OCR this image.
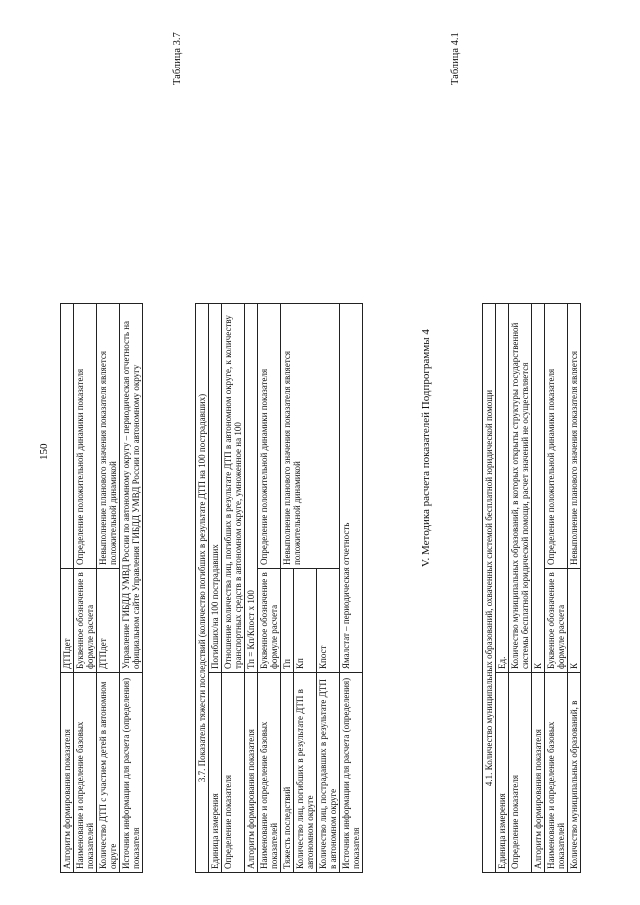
150
Алгоритм формирования показателя	ДТПдет	
Наименование и определение базовых показателей	Буквенное обозначение в формуле расчета	Определение положительной динамики показателя
Количество ДТП с участием детей в автономном округе	ДТПдет	Невыполнение планового значения показателя является положительной динамикой
Источник информации для расчета (определения) показателя	Управление ГИБДД УМВД России по автономному округу – периодическая отчетность на официальном сайте Управления ГИБДД УМВД России по автономному округу	
Таблица 3.7
3.7. Показатель тяжести последствий (количество погибших в результате ДТП на 100 пострадавших)		
Единица измерения	Погибших/на 100 пострадавших	
Определение показателя	Отношение количества лиц, погибших в результате ДТП в автономном округе, к количеству транспортных средств в автономном округе, умноженное на 100	
Алгоритм формирования показателя	Тп = Кп/Кпост х 100	
Наименование и определение базовых показателей	Буквенное обозначение в формуле расчета	Определение положительной динамики показателя
Тяжесть последствий	Тп	Невыполнение планового значения показателя является положительной динамикой
Количество лиц, погибших в результате ДТП в автономном округе	Кп	
Количество лиц, пострадавших в результате ДТП в автономном округе	Кпост	
Источник информации для расчета (определения) показателя	Ямалстат – периодическая отчетность	
V. Методика расчета показателей Подпрограммы 4
Таблица 4.1
4.1. Количество муниципальных образований, охваченных системой бесплатной юридической помощи		
Единица измерения	Ед.	
Определение показателя	Количество муниципальных образований, в которых открыты структуры государственной системы бесплатной юридической помощи, расчет значений не осуществляется	
Алгоритм формирования показателя	К	
Наименование и определение базовых показателей	Буквенное обозначение в формуле расчета	Определение положительной динамики показателя
Количество муниципальных образований, в	К	Невыполнение планового значения показателя является
